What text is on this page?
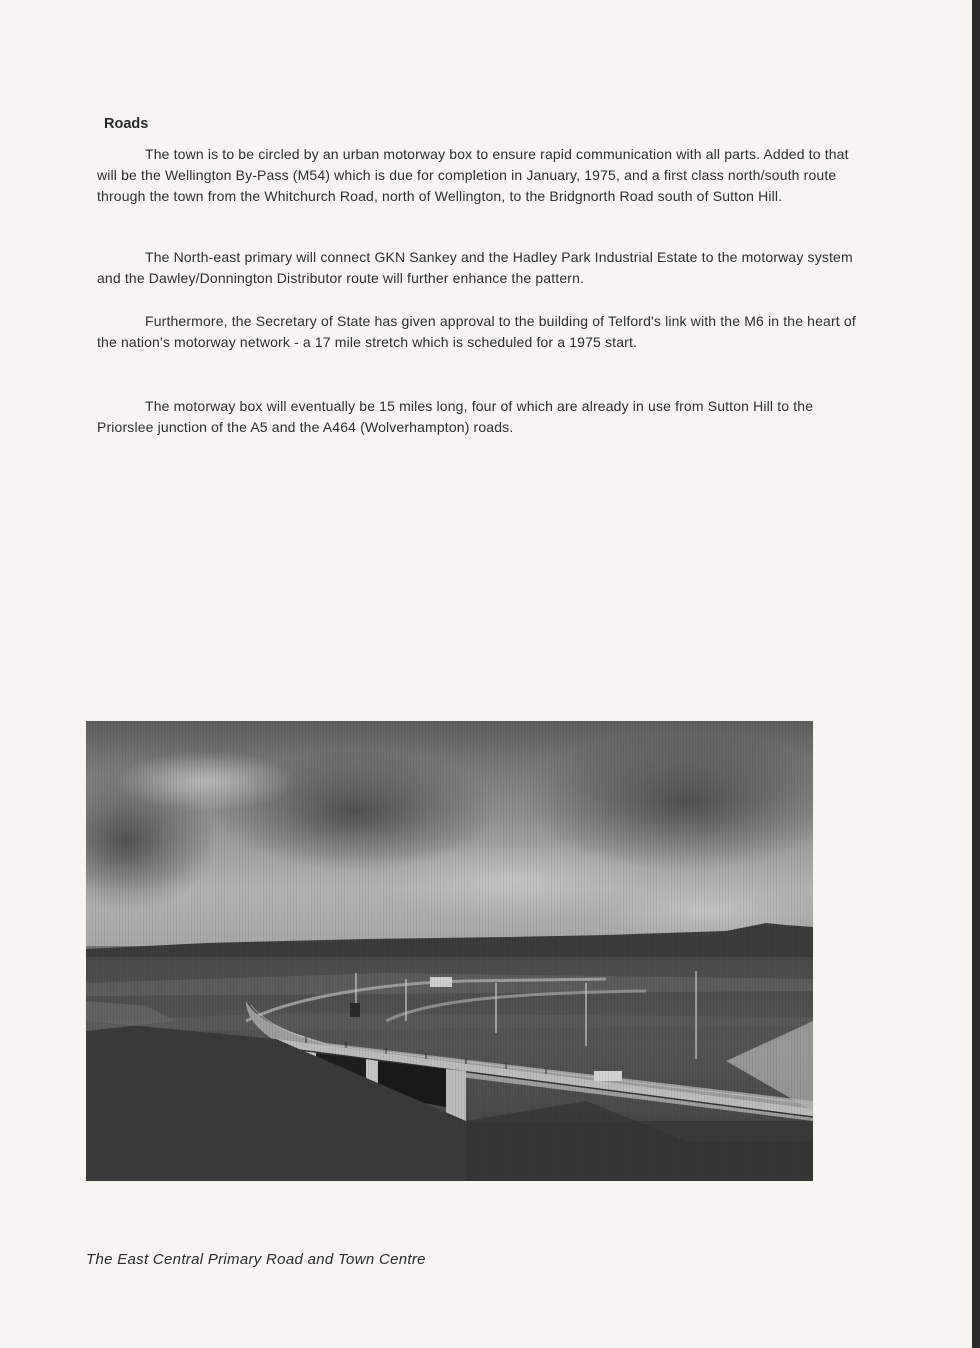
Roads

The town is to be circled by an urban motorway box to ensure rapid communication with all parts. Added to that will be the Wellington By-Pass (M54) which is due for completion in January, 1975, and a first class north/south route through the town from the Whitchurch Road, north of Wellington, to the Bridgnorth Road south of Sutton Hill.

The North-east primary will connect GKN Sankey and the Hadley Park Industrial Estate to the motorway system and the Dawley/Donnington Distributor route will further enhance the pattern.

Furthermore, the Secretary of State has given approval to the building of Telford's link with the M6 in the heart of the nation's motorway network - a 17 mile stretch which is scheduled for a 1975 start.

The motorway box will eventually be 15 miles long, four of which are already in use from Sutton Hill to the Priorslee junction of the A5 and the A464 (Wolverhampton) roads.

The East Central Primary Road and Town Centre
